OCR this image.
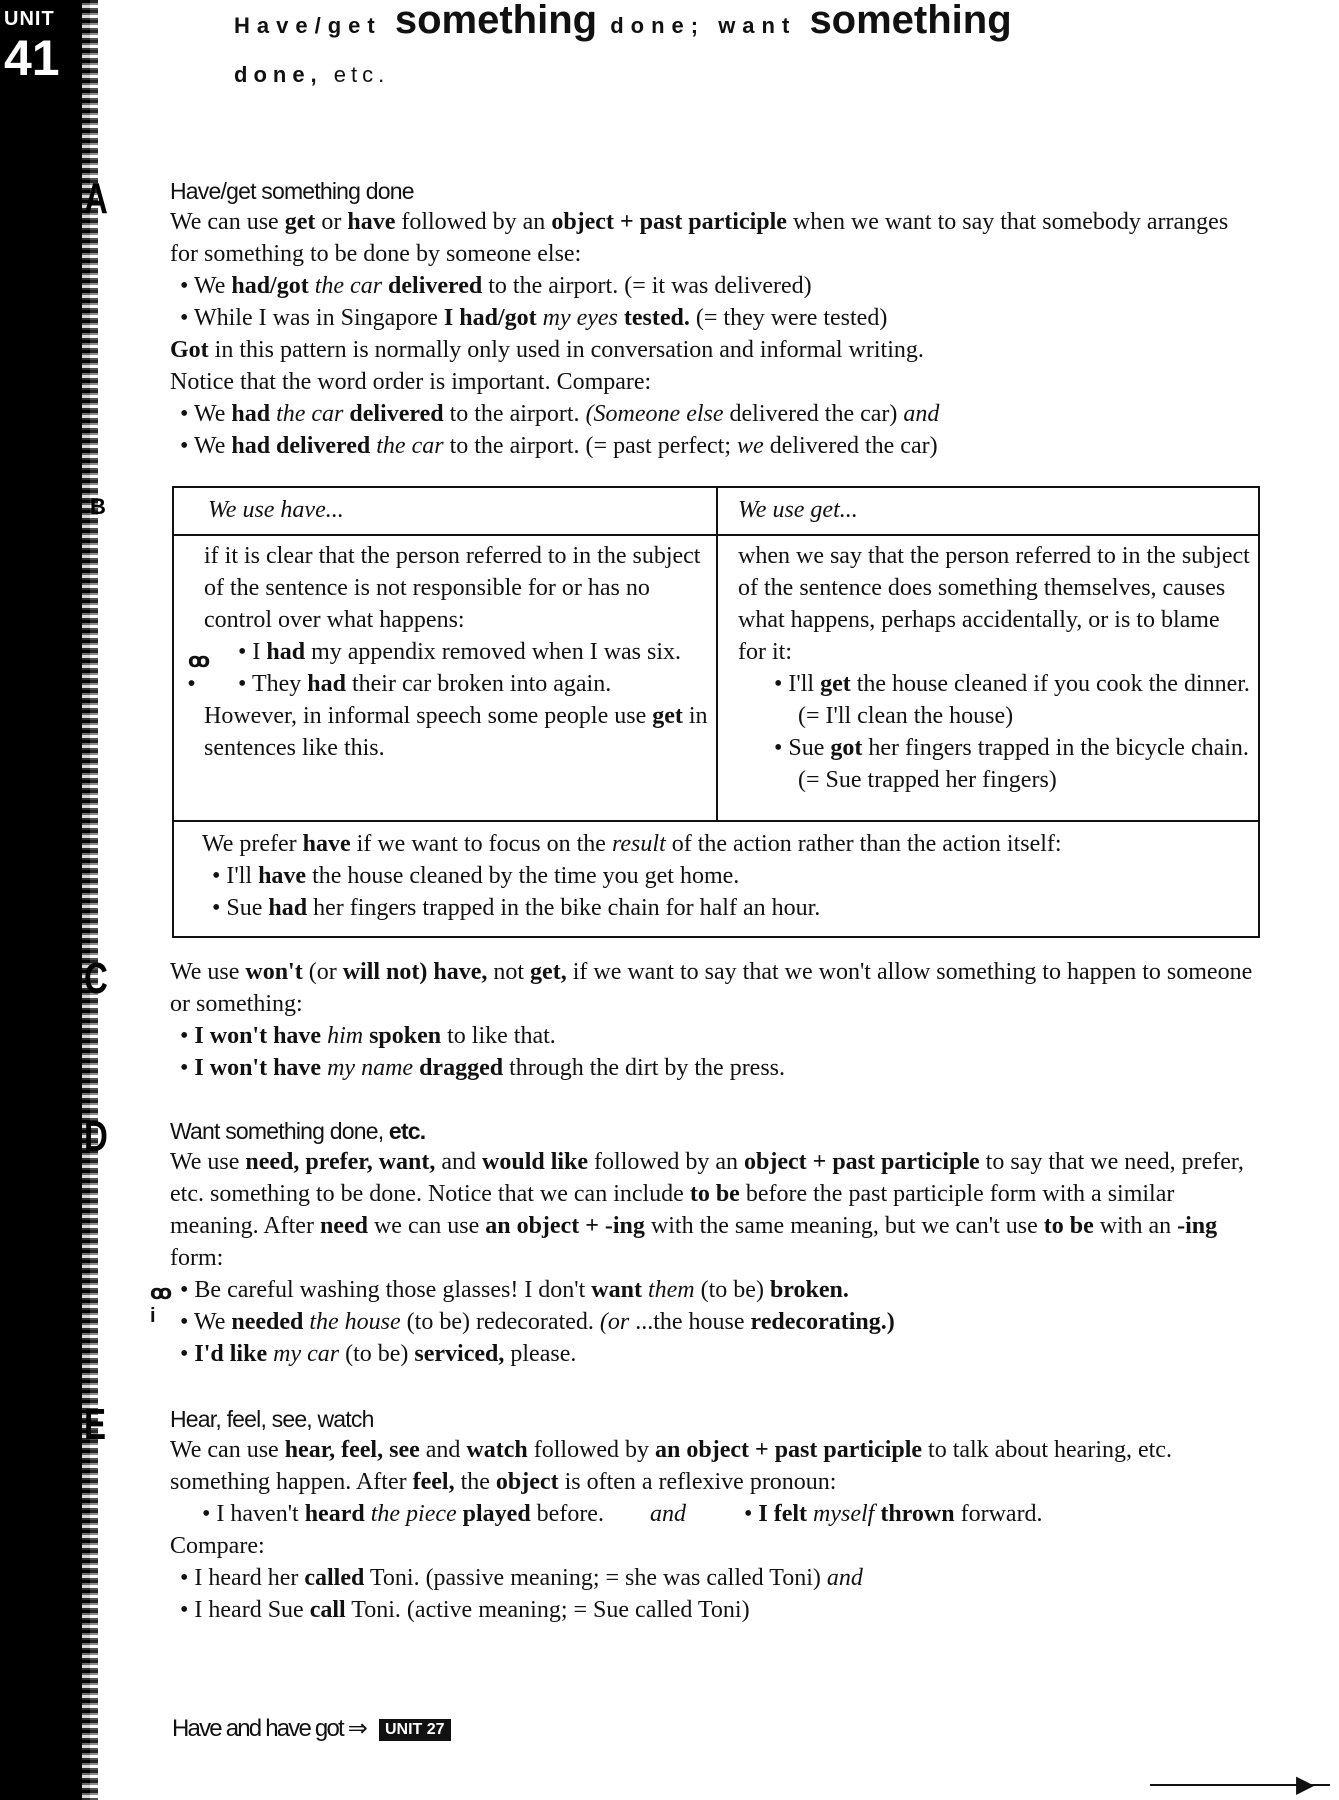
UNIT
41
A
B
C
D
E
Have/get something done; want something
done, etc.
Have/get something done
We can use get or have followed by an object + past participle when we want to say that somebody arranges for something to be done by someone else:
• We had/got the car delivered to the airport. (= it was delivered)
• While I was in Singapore I had/got my eyes tested. (= they were tested)
Got in this pattern is normally only used in conversation and informal writing.
Notice that the word order is important. Compare:
• We had the car delivered to the airport. (Someone else delivered the car) and
• We had delivered the car to the airport. (= past perfect; we delivered the car)
We use have...	We use get...
if it is clear that the person referred to in the subject of the sentence is not responsible for or has no control over what happens:
• I had my appendix removed when I was six.
• They had their car broken into again.
However, in informal speech some people use get in sentences like this.
when we say that the person referred to in the subject of the sentence does something themselves, causes what happens, perhaps accidentally, or is to blame for it:
• I'll get the house cleaned if you cook the dinner. (= I'll clean the house)
• Sue got her fingers trapped in the bicycle chain. (= Sue trapped her fingers)
We prefer have if we want to focus on the result of the action rather than the action itself:
• I'll have the house cleaned by the time you get home.
• Sue had her fingers trapped in the bike chain for half an hour.
ꝏ
•
We use won't (or will not) have, not get, if we want to say that we won't allow something to happen to someone or something:
• I won't have him spoken to like that.
• I won't have my name dragged through the dirt by the press.
Want something done, etc.
We use need, prefer, want, and would like followed by an object + past participle to say that we need, prefer, etc. something to be done. Notice that we can include to be before the past participle form with a similar meaning. After need we can use an object + -ing with the same meaning, but we can't use to be with an -ing form:
• Be careful washing those glasses! I don't want them (to be) broken.
• We needed the house (to be) redecorated. (or ...the house redecorating.)
• I'd like my car (to be) serviced, please.
ꝏ
i
Hear, feel, see, watch
We can use hear, feel, see and watch followed by an object + past participle to talk about hearing, etc. something happen. After feel, the object is often a reflexive pronoun:
• I haven't heard the piece played before. and • I felt myself thrown forward.
Compare:
• I heard her called Toni. (passive meaning; = she was called Toni) and
• I heard Sue call Toni. (active meaning; = Sue called Toni)
Have and have got ⇒ UNIT 27
▶
